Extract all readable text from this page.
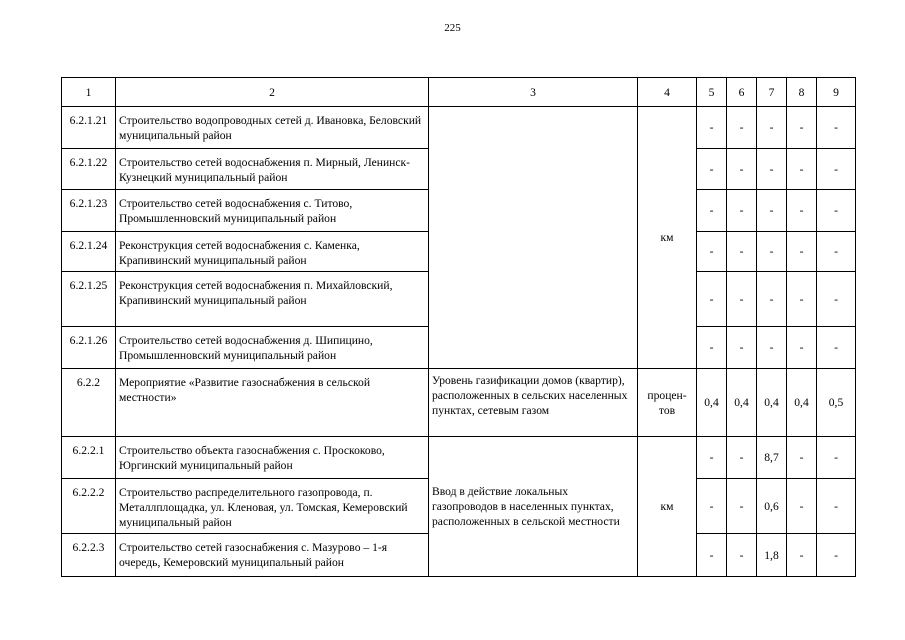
225
1	2	3	4	5	6	7	8	9
6.2.1.21	Строительство водопроводных сетей д. Ивановка, Беловский муниципальный район		км	-	-	-	-	-
6.2.1.22	Строительство сетей водоснабжения п. Мирный, Ленинск-Кузнецкий муниципальный район			-	-	-	-	-
6.2.1.23	Строительство сетей водоснабжения с. Титово, Промышленновский муниципальный район			-	-	-	-	-
6.2.1.24	Реконструкция сетей водоснабжения с. Каменка, Крапивинский муниципальный район			-	-	-	-	-
6.2.1.25	Реконструкция сетей водоснабжения п. Михайловский, Крапивинский муниципальный район			-	-	-	-	-
6.2.1.26	Строительство сетей водоснабжения д. Шипицино, Промышленновский муниципальный район			-	-	-	-	-
6.2.2	Мероприятие «Развитие газоснабжения в сельской местности»	Уровень газификации домов (квартир), расположенных в сельских населенных пунктах, сетевым газом	процен-тов	0,4	0,4	0,4	0,4	0,5
6.2.2.1	Строительство объекта газоснабжения с. Проскоково, Юргинский муниципальный район	Ввод в действие локальных газопроводов в населенных пунктах, расположенных в сельской местности	км	-	-	8,7	-	-
6.2.2.2	Строительство распределительного газопровода, п. Металлплощадка, ул. Кленовая, ул. Томская, Кемеровский муниципальный район			-	-	0,6	-	-
6.2.2.3	Строительство сетей газоснабжения с. Мазурово – 1-я очередь, Кемеровский муниципальный район			-	-	1,8	-	-
